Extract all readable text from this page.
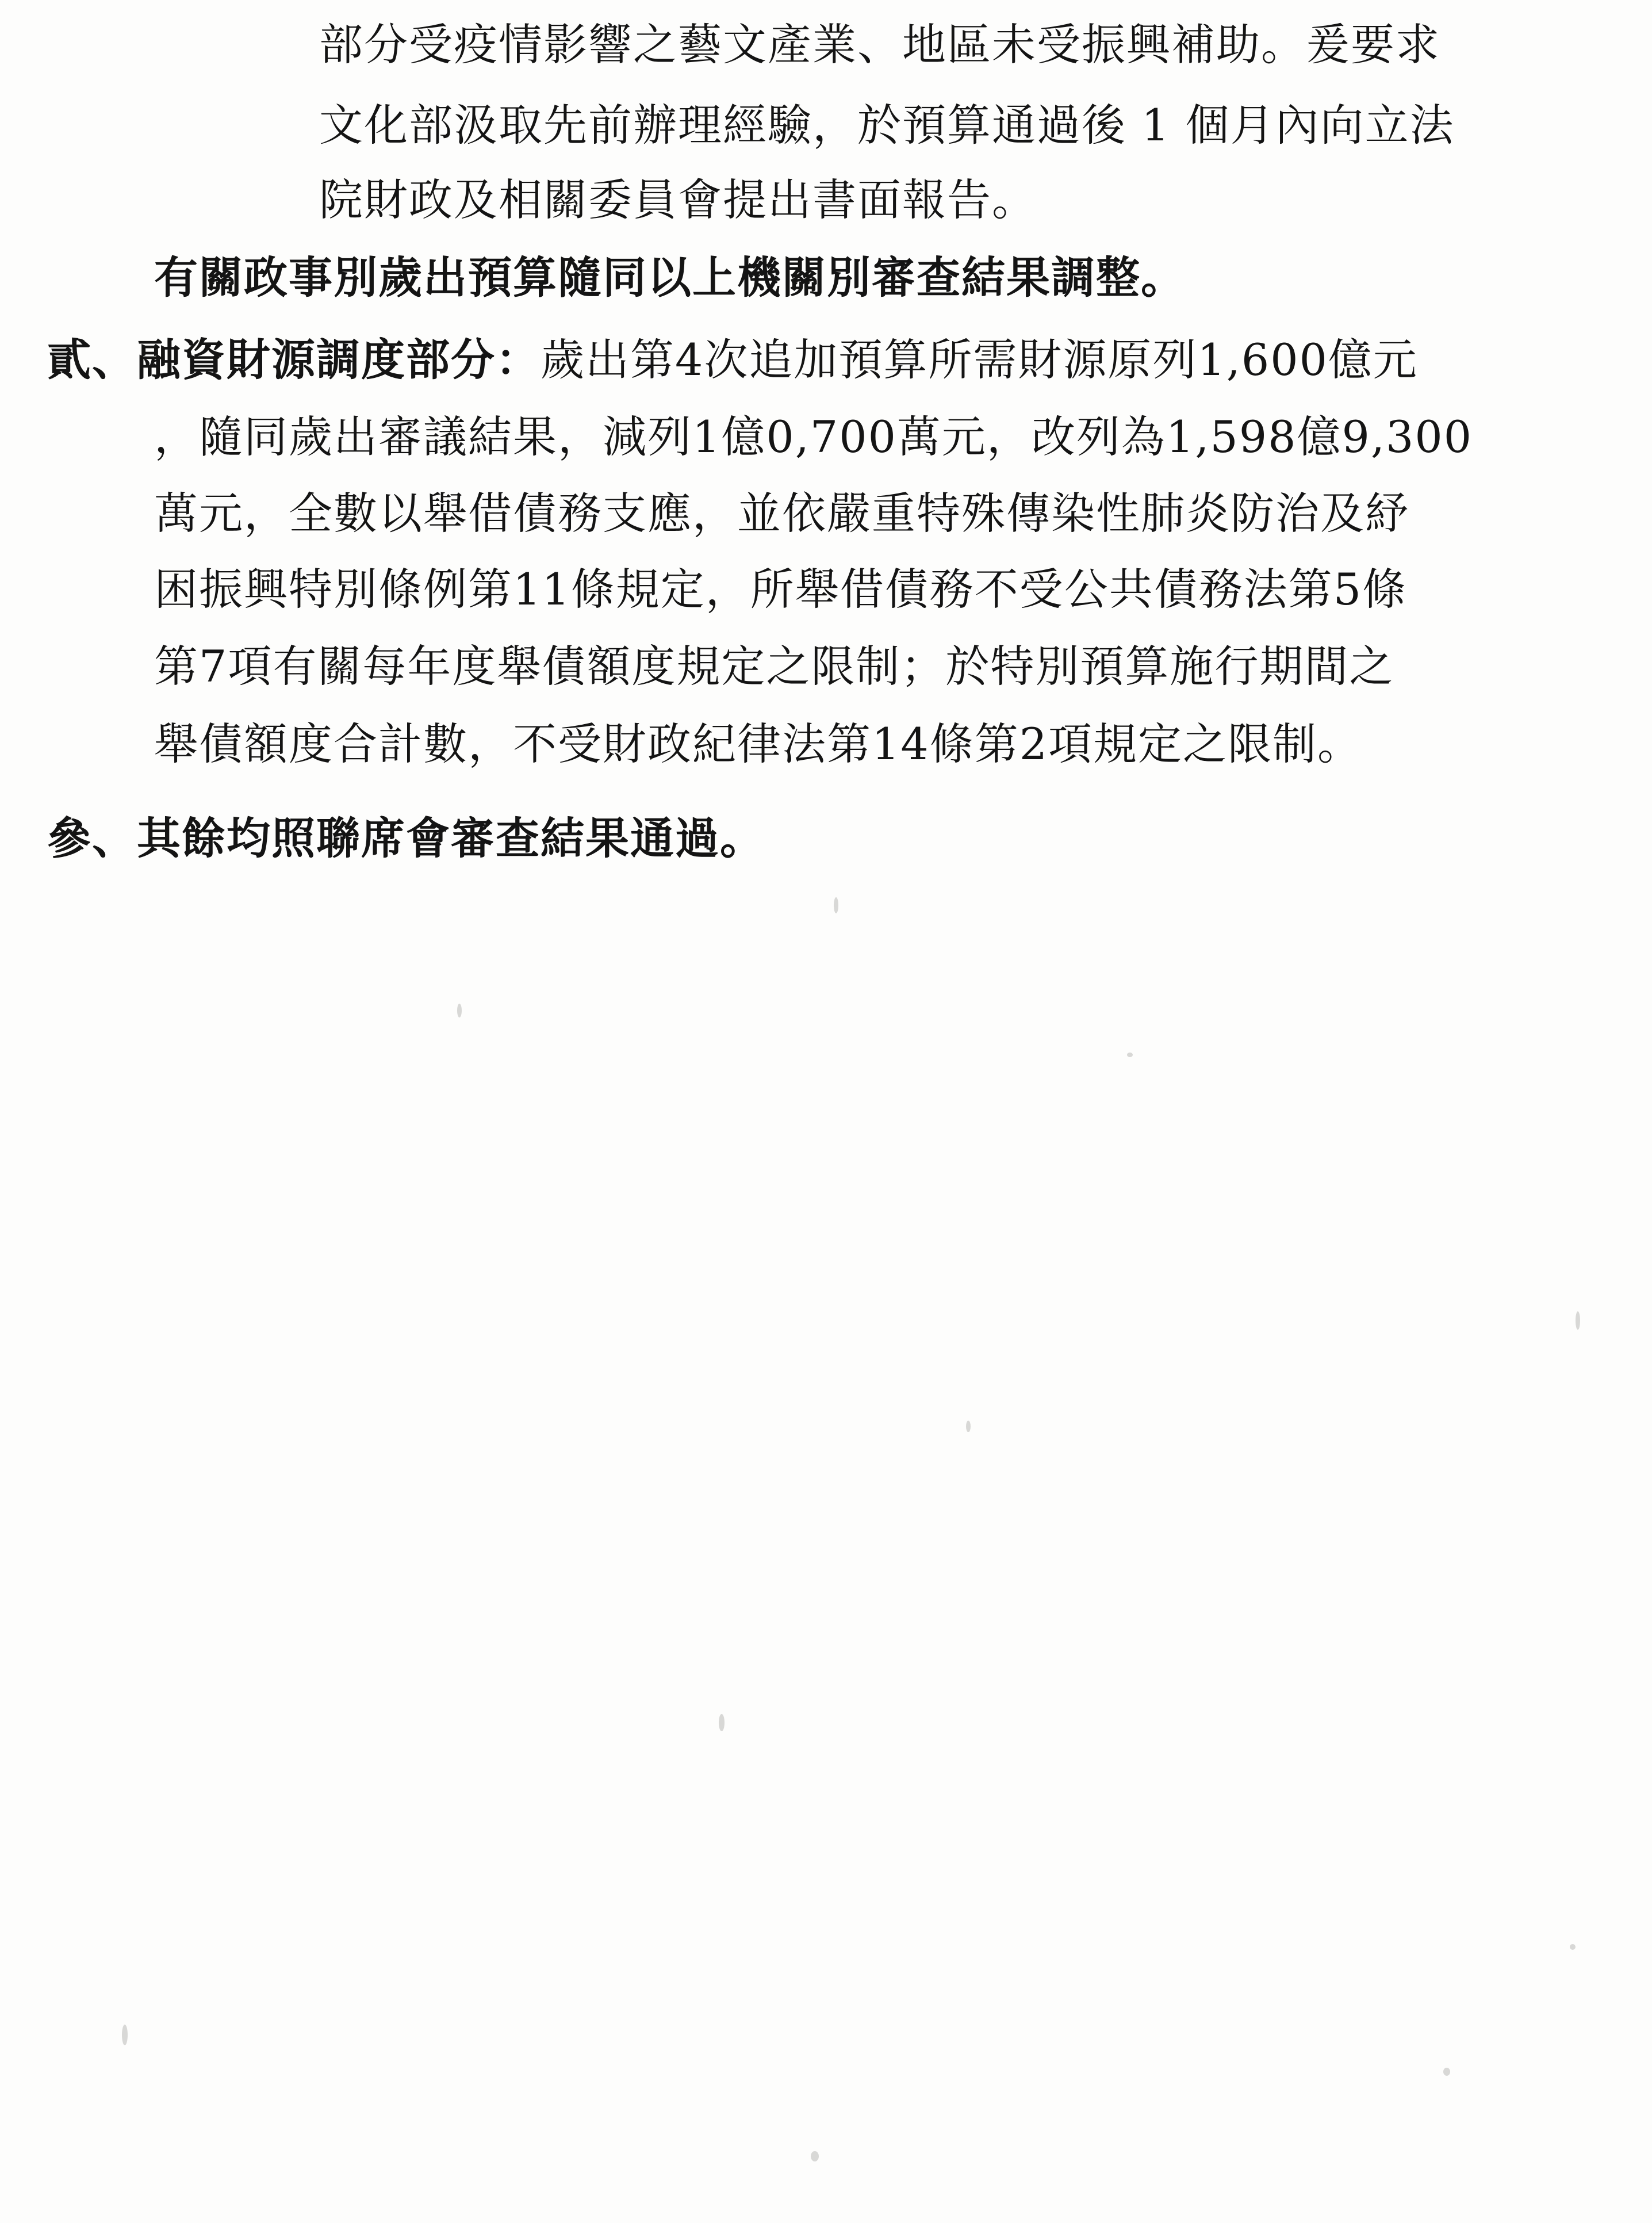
部分受疫情影響之藝文產業、地區未受振興補助。爰要求
文化部汲取先前辦理經驗，於預算通過後 1 個月內向立法
院財政及相關委員會提出書面報告。
有關政事別歲出預算隨同以上機關別審查結果調整。
貳、融資財源調度部分：歲出第4次追加預算所需財源原列1,600億元
，隨同歲出審議結果，減列1億0,700萬元，改列為1,598億9,300
萬元，全數以舉借債務支應，並依嚴重特殊傳染性肺炎防治及紓
困振興特別條例第11條規定，所舉借債務不受公共債務法第5條
第7項有關每年度舉債額度規定之限制；於特別預算施行期間之
舉債額度合計數，不受財政紀律法第14條第2項規定之限制。
參、其餘均照聯席會審查結果通過。
